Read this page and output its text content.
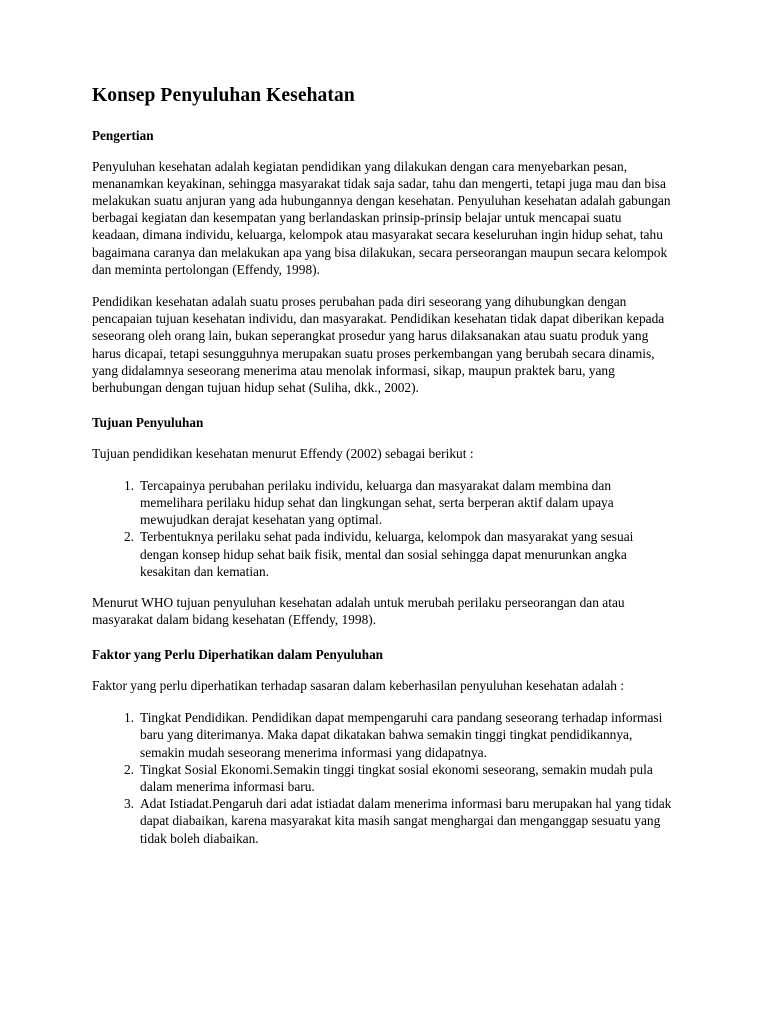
Konsep Penyuluhan Kesehatan
Pengertian

Penyuluhan kesehatan adalah kegiatan pendidikan yang dilakukan dengan cara menyebarkan pesan, menanamkan keyakinan, sehingga masyarakat tidak saja sadar, tahu dan mengerti, tetapi juga mau dan bisa melakukan suatu anjuran yang ada hubungannya dengan kesehatan. Penyuluhan kesehatan adalah gabungan berbagai kegiatan dan kesempatan yang berlandaskan prinsip-prinsip belajar untuk mencapai suatu keadaan, dimana individu, keluarga, kelompok atau masyarakat secara keseluruhan ingin hidup sehat, tahu bagaimana caranya dan melakukan apa yang bisa dilakukan, secara perseorangan maupun secara kelompok dan meminta pertolongan (Effendy, 1998).

Pendidikan kesehatan adalah suatu proses perubahan pada diri seseorang yang dihubungkan dengan pencapaian tujuan kesehatan individu, dan masyarakat. Pendidikan kesehatan tidak dapat diberikan kepada seseorang oleh orang lain, bukan seperangkat prosedur yang harus dilaksanakan atau suatu produk yang harus dicapai, tetapi sesungguhnya merupakan suatu proses perkembangan yang berubah secara dinamis, yang didalamnya seseorang menerima atau menolak informasi, sikap, maupun praktek baru, yang berhubungan dengan tujuan hidup sehat (Suliha, dkk., 2002).

Tujuan Penyuluhan

Tujuan pendidikan kesehatan menurut Effendy (2002) sebagai berikut :

1. Tercapainya perubahan perilaku individu, keluarga dan masyarakat dalam membina dan memelihara perilaku hidup sehat dan lingkungan sehat, serta berperan aktif dalam upaya mewujudkan derajat kesehatan yang optimal.
2. Terbentuknya perilaku sehat pada individu, keluarga, kelompok dan masyarakat yang sesuai dengan konsep hidup sehat baik fisik, mental dan sosial sehingga dapat menurunkan angka kesakitan dan kematian.

Menurut WHO tujuan penyuluhan kesehatan adalah untuk merubah perilaku perseorangan dan atau masyarakat dalam bidang kesehatan (Effendy, 1998).

Faktor yang Perlu Diperhatikan dalam Penyuluhan

Faktor yang perlu diperhatikan terhadap sasaran dalam keberhasilan penyuluhan kesehatan adalah :

1. Tingkat Pendidikan. Pendidikan dapat mempengaruhi cara pandang seseorang terhadap informasi baru yang diterimanya. Maka dapat dikatakan bahwa semakin tinggi tingkat pendidikannya, semakin mudah seseorang menerima informasi yang didapatnya.
2. Tingkat Sosial Ekonomi.Semakin tinggi tingkat sosial ekonomi seseorang, semakin mudah pula dalam menerima informasi baru.
3. Adat Istiadat.Pengaruh dari adat istiadat dalam menerima informasi baru merupakan hal yang tidak dapat diabaikan, karena masyarakat kita masih sangat menghargai dan menganggap sesuatu yang tidak boleh diabaikan.
